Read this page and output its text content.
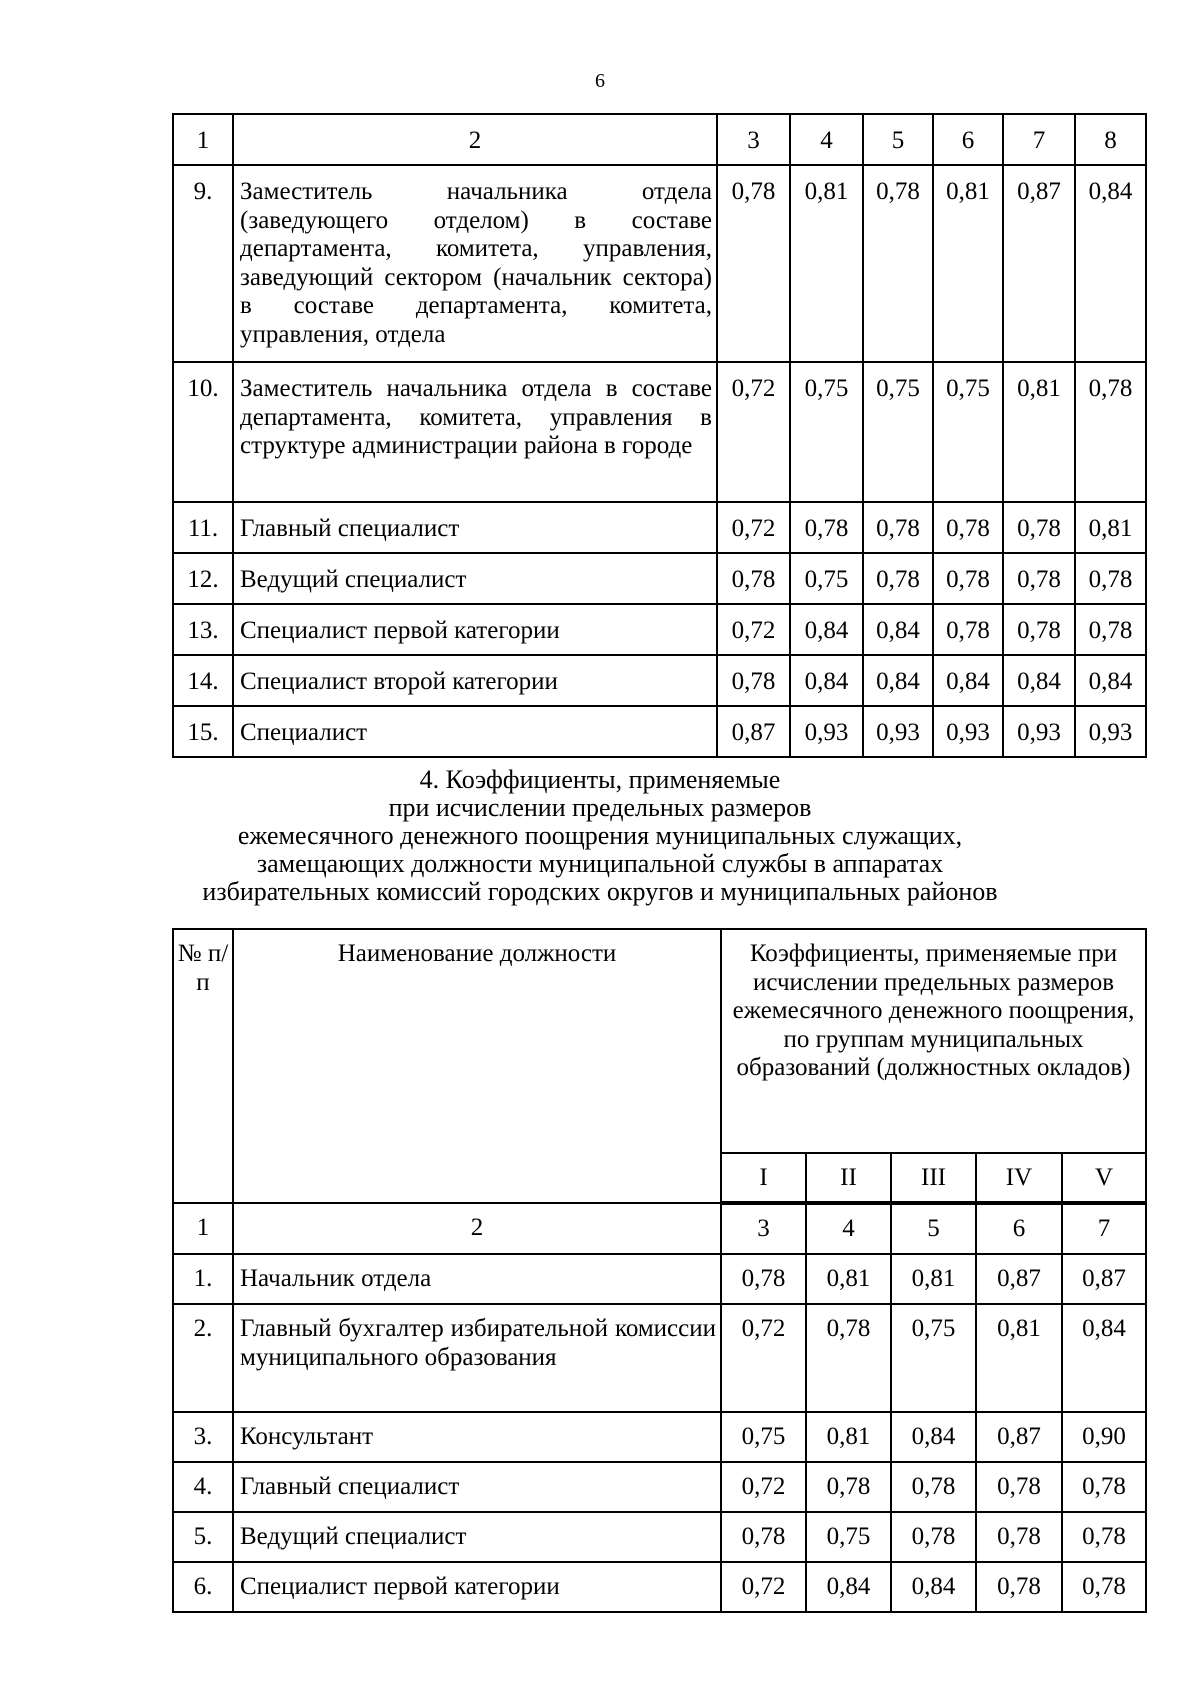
6
1	2	3	4	5	6	7	8
9.	Заместитель начальника отдела (заведующего отделом) в составе департамента, комитета, управления, заведующий сектором (начальник сектора) в составе департамента, комитета, управления, отдела	0,78	0,81	0,78	0,81	0,87	0,84
10.	Заместитель начальника отдела в составе департамента, комитета, управления в структуре администрации района в городе	0,72	0,75	0,75	0,75	0,81	0,78
11.	Главный специалист	0,72	0,78	0,78	0,78	0,78	0,81
12.	Ведущий специалист	0,78	0,75	0,78	0,78	0,78	0,78
13.	Специалист первой категории	0,72	0,84	0,84	0,78	0,78	0,78
14.	Специалист второй категории	0,78	0,84	0,84	0,84	0,84	0,84
15.	Специалист	0,87	0,93	0,93	0,93	0,93	0,93
4. Коэффициенты, применяемые
при исчислении предельных размеров
ежемесячного денежного поощрения муниципальных служащих,
замещающих должности муниципальной службы в аппаратах
избирательных комиссий городских округов и муниципальных районов
№ п/п	Наименование должности	Коэффициенты, применяемые при исчислении предельных размеров ежемесячного денежного поощрения, по группам муниципальных образований (должностных окладов)				
		I	II	III	IV	V
1	2	3	4	5	6	7
1.	Начальник отдела	0,78	0,81	0,81	0,87	0,87
2.	Главный бухгалтер избирательной комиссии муниципального образования	0,72	0,78	0,75	0,81	0,84
3.	Консультант	0,75	0,81	0,84	0,87	0,90
4.	Главный специалист	0,72	0,78	0,78	0,78	0,78
5.	Ведущий специалист	0,78	0,75	0,78	0,78	0,78
6.	Специалист первой категории	0,72	0,84	0,84	0,78	0,78
